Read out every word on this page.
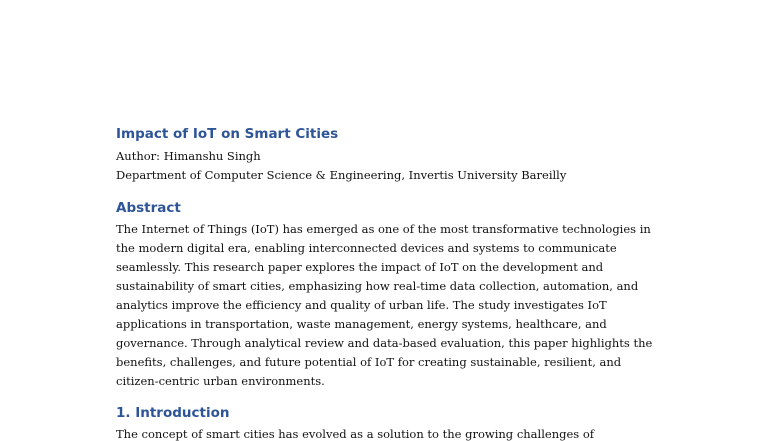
Impact of IoT on Smart Cities

Author: Himanshu Singh

Department of Computer Science & Engineering, Invertis University Bareilly

Abstract

The Internet of Things (IoT) has emerged as one of the most transformative technologies in
the modern digital era, enabling interconnected devices and systems to communicate
seamlessly. This research paper explores the impact of IoT on the development and
sustainability of smart cities, emphasizing how real-time data collection, automation, and
analytics improve the efficiency and quality of urban life. The study investigates IoT
applications in transportation, waste management, energy systems, healthcare, and
governance. Through analytical review and data-based evaluation, this paper highlights the
benefits, challenges, and future potential of IoT for creating sustainable, resilient, and
citizen-centric urban environments.

1. Introduction

The concept of smart cities has evolved as a solution to the growing challenges of
